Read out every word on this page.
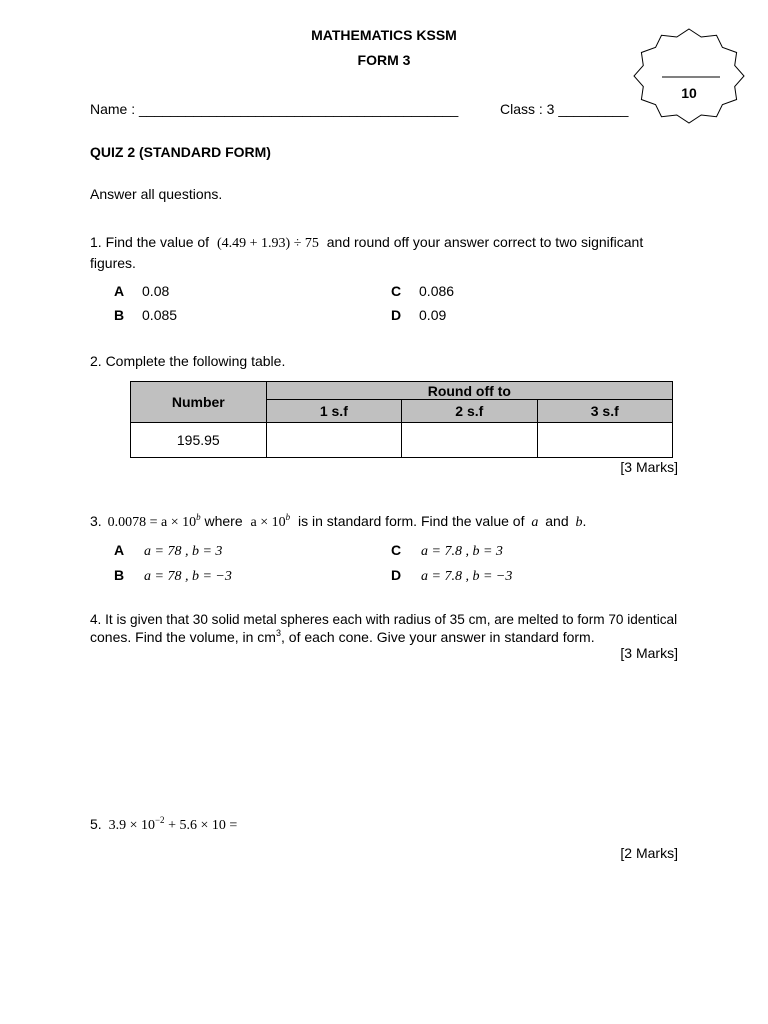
MATHEMATICS KSSM
FORM 3
10
Name : _________________________________________	Class : 3 _________
QUIZ 2 (STANDARD FORM)
Answer all questions.
1. Find the value of (4.49 + 1.93) ÷ 75 and round off your answer correct to two significant
figures.
A 0.08
B 0.085
C 0.086
D 0.09
2. Complete the following table.
Number	Round off to		
	1 s.f	2 s.f	3 s.f
195.95			
[3 Marks]
3. $0.0078 = a \times 10^b$ where $a \times 10^b$ is in standard form. Find the value of a and b.
A a = 78 , b = 3
B a = 78 , b = −3
C a = 7.8 , b = 3
D a = 7.8 , b = −3
4. It is given that 30 solid metal spheres each with radius of 35 cm, are melted to form 70 identical
cones. Find the volume, in $cm^3$, of each cone. Give your answer in standard form.
[3 Marks]
5. $3.9 \times 10^{-2} + 5.6 \times 10$ =
[2 Marks]
